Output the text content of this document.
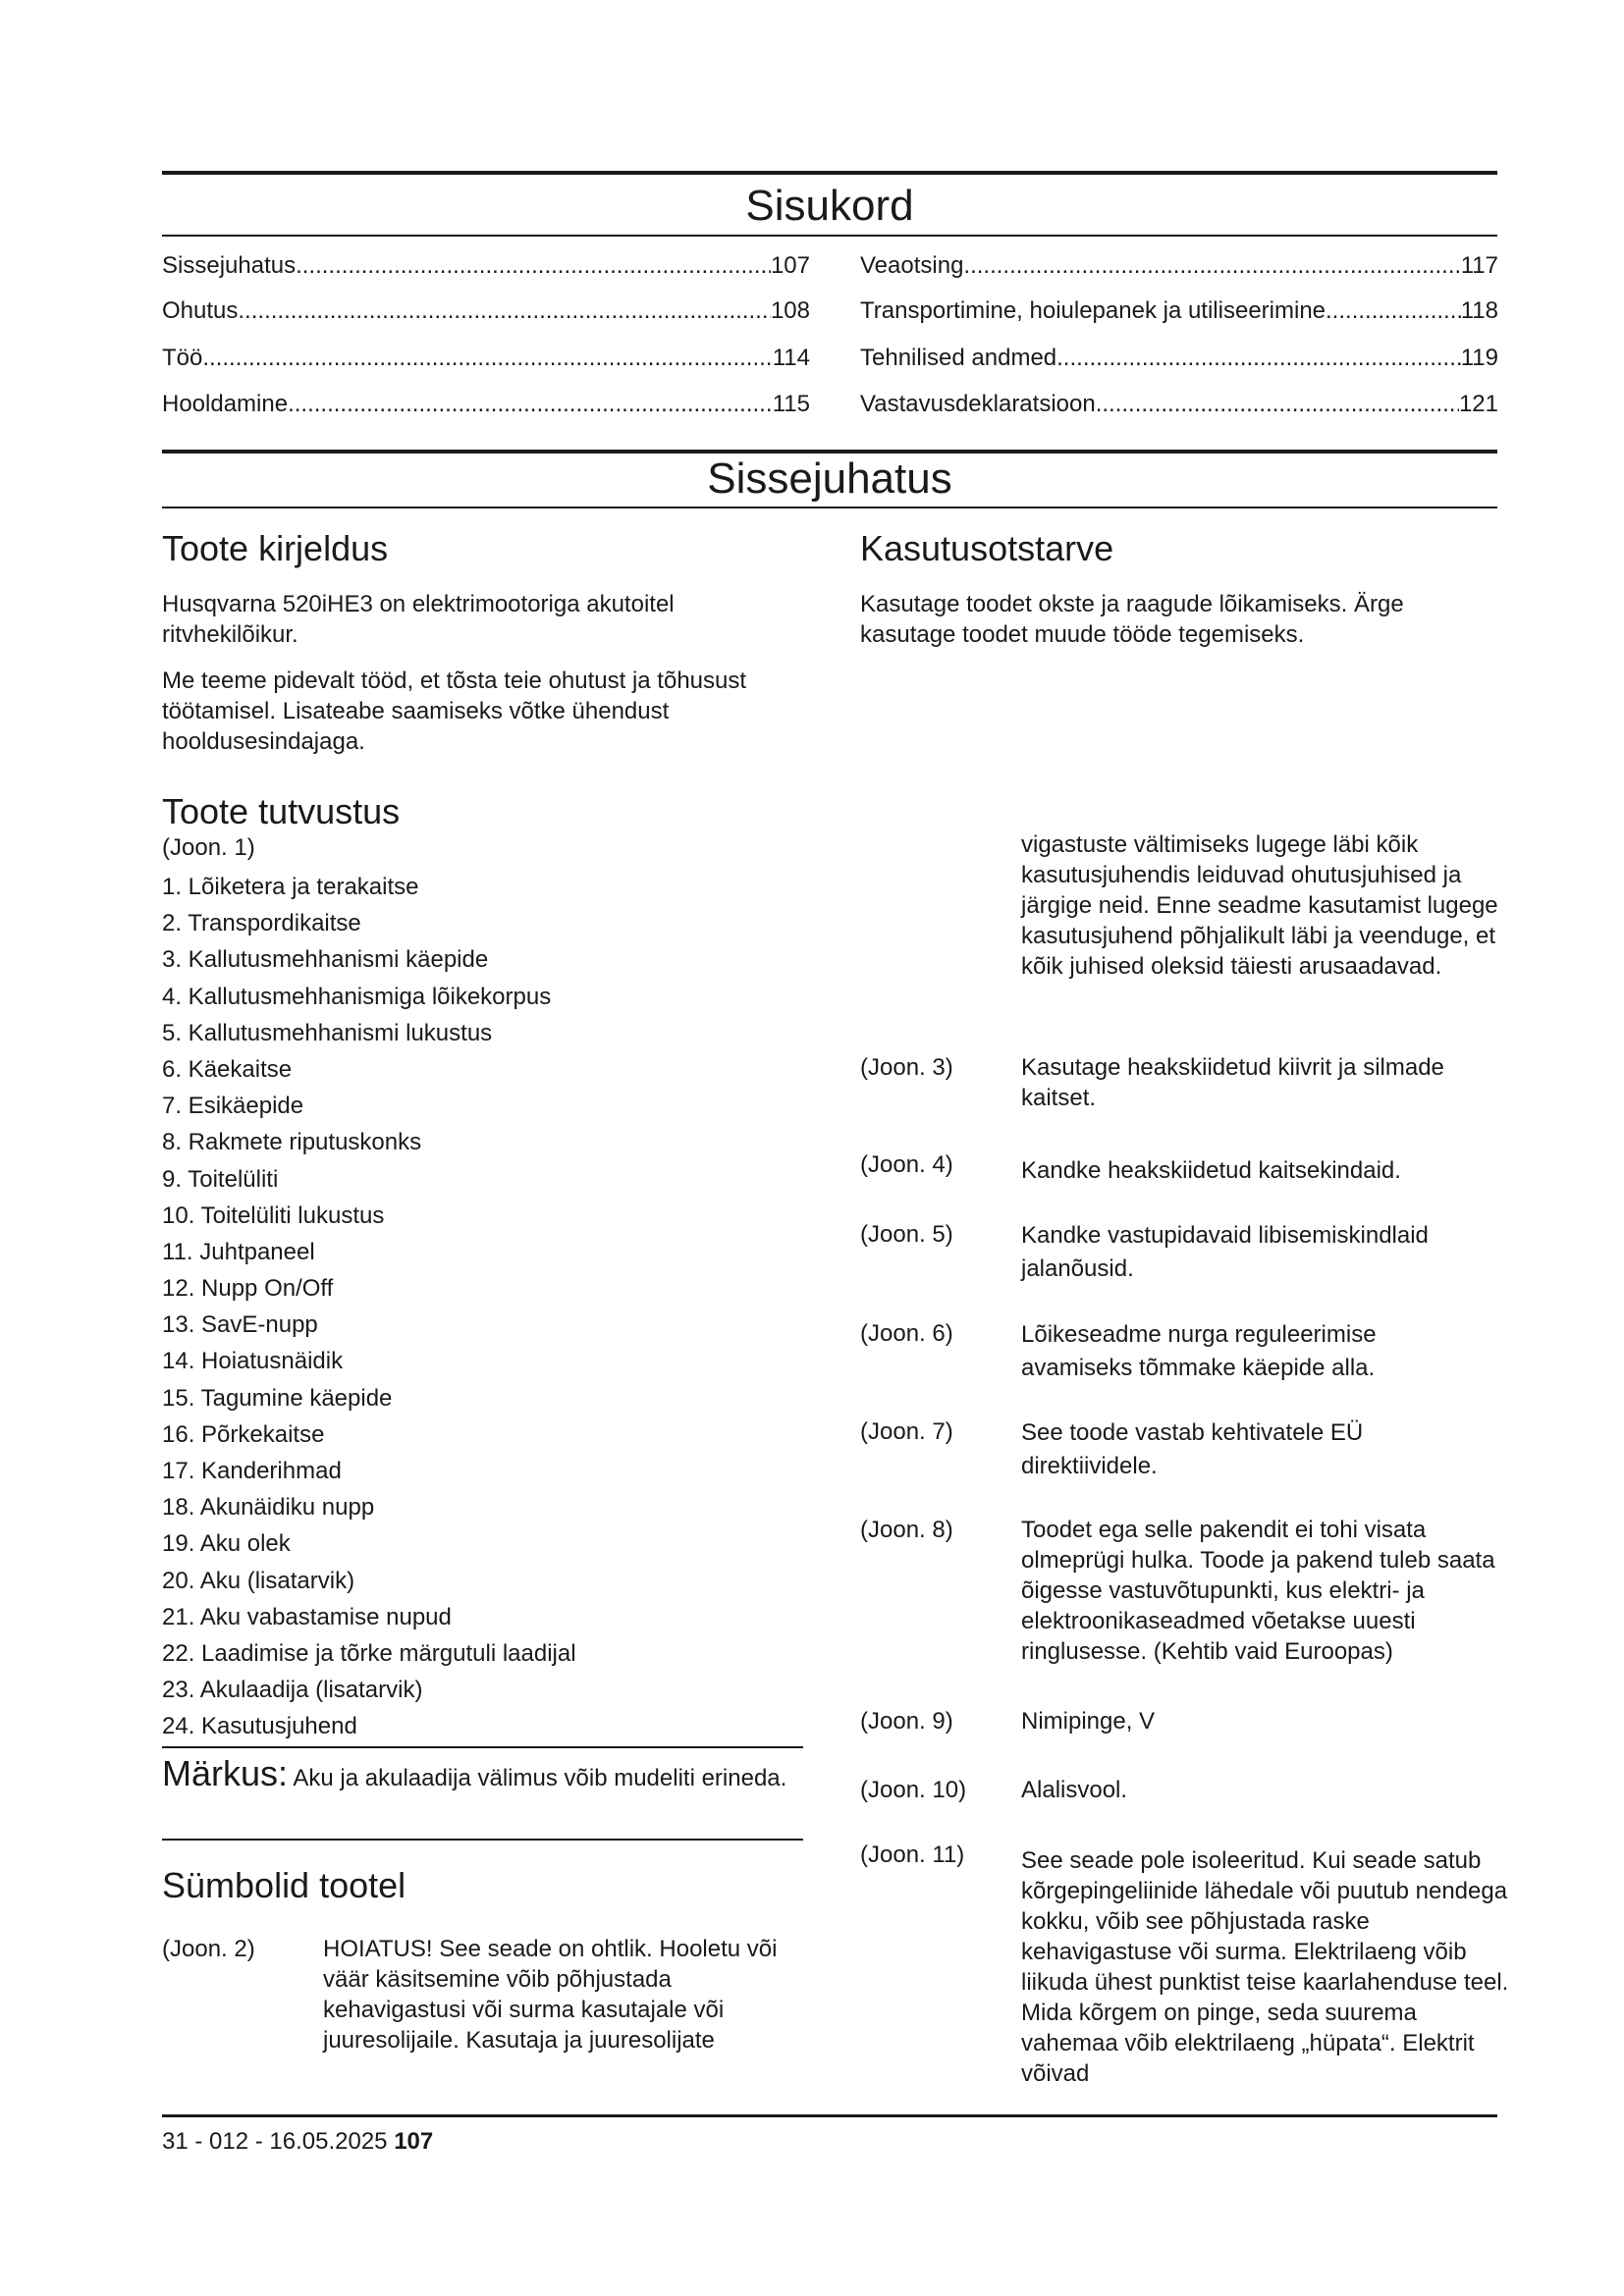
Sisukord
Sissejuhatus .....	107
Ohutus .....	108
Töö .....	114
Hooldamine .....	115
Veaotsing .....	117
Transportimine, hoiulepanek ja utiliseerimine .....	118
Tehnilised andmed .....	119
Vastavusdeklaratsioon .....	121
Sissejuhatus
Toote kirjeldus
Husqvarna 520iHE3 on elektrimootoriga akutoitel ritvhekilõikur.
Me teeme pidevalt tööd, et tõsta teie ohutust ja tõhusust töötamisel. Lisateabe saamiseks võtke ühendust hooldusesindajaga.
Kasutusotstarve
Kasutage toodet okste ja raagude lõikamiseks. Ärge kasutage toodet muude tööde tegemiseks.
Toote tutvustus
(Joon. 1)
1. Lõiketera ja terakaitse
2. Transpordikaitse
3. Kallutusmehhanismi käepide
4. Kallutusmehhanismiga lõikekorpus
5. Kallutusmehhanismi lukustus
6. Käekaitse
7. Esikäepide
8. Rakmete riputuskonks
9. Toitelüliti
10. Toitelüliti lukustus
11. Juhtpaneel
12. Nupp On/Off
13. SavE-nupp
14. Hoiatusnäidik
15. Tagumine käepide
16. Põrkekaitse
17. Kanderihmad
18. Akunäidiku nupp
19. Aku olek
20. Aku (lisatarvik)
21. Aku vabastamise nupud
22. Laadimise ja tõrke märgutuli laadijal
23. Akulaadija (lisatarvik)
24. Kasutusjuhend
Märkus: Aku ja akulaadija välimus võib mudeliti erineda.
Sümbolid tootel
(Joon. 2)	HOIATUS! See seade on ohtlik. Hooletu või väär käsitsemine võib põhjustada kehavigastusi või surma kasutajale või juuresolijaile. Kasutaja ja juuresolijate
vigastuste vältimiseks lugege läbi kõik kasutusjuhendis leiduvad ohutusjuhised ja järgige neid. Enne seadme kasutamist lugege kasutusjuhend põhjalikult läbi ja veenduge, et kõik juhised oleksid täiesti arusaadavad.
(Joon. 3)	Kasutage heakskiidetud kiivrit ja silmade kaitset.
(Joon. 4)	Kandke heakskiidetud kaitsekindaid.
(Joon. 5)	Kandke vastupidavaid libisemiskindlaid jalanõusid.
(Joon. 6)	Lõikeseadme nurga reguleerimise avamiseks tõmmake käepide alla.
(Joon. 7)	See toode vastab kehtivatele EÜ direktiividele.
(Joon. 8)	Toodet ega selle pakendit ei tohi visata olmeprügi hulka. Toode ja pakend tuleb saata õigesse vastuvõtupunkti, kus elektri- ja elektroonikaseadmed võetakse uuesti ringlusesse. (Kehtib vaid Euroopas)
(Joon. 9)	Nimipinge, V
(Joon. 10) Alalisvool.
(Joon. 11) See seade pole isoleeritud. Kui seade satub kõrgepingeliinide lähedale või puutub nendega kokku, võib see põhjustada raske kehavigastuse või surma. Elektrilaeng võib liikuda ühest punktist teise kaarlahenduse teel. Mida kõrgem on pinge, seda suurema vahemaa võib elektrilaeng „hüpata“. Elektrit võivad
31 - 012 - 16.05.2025 107
